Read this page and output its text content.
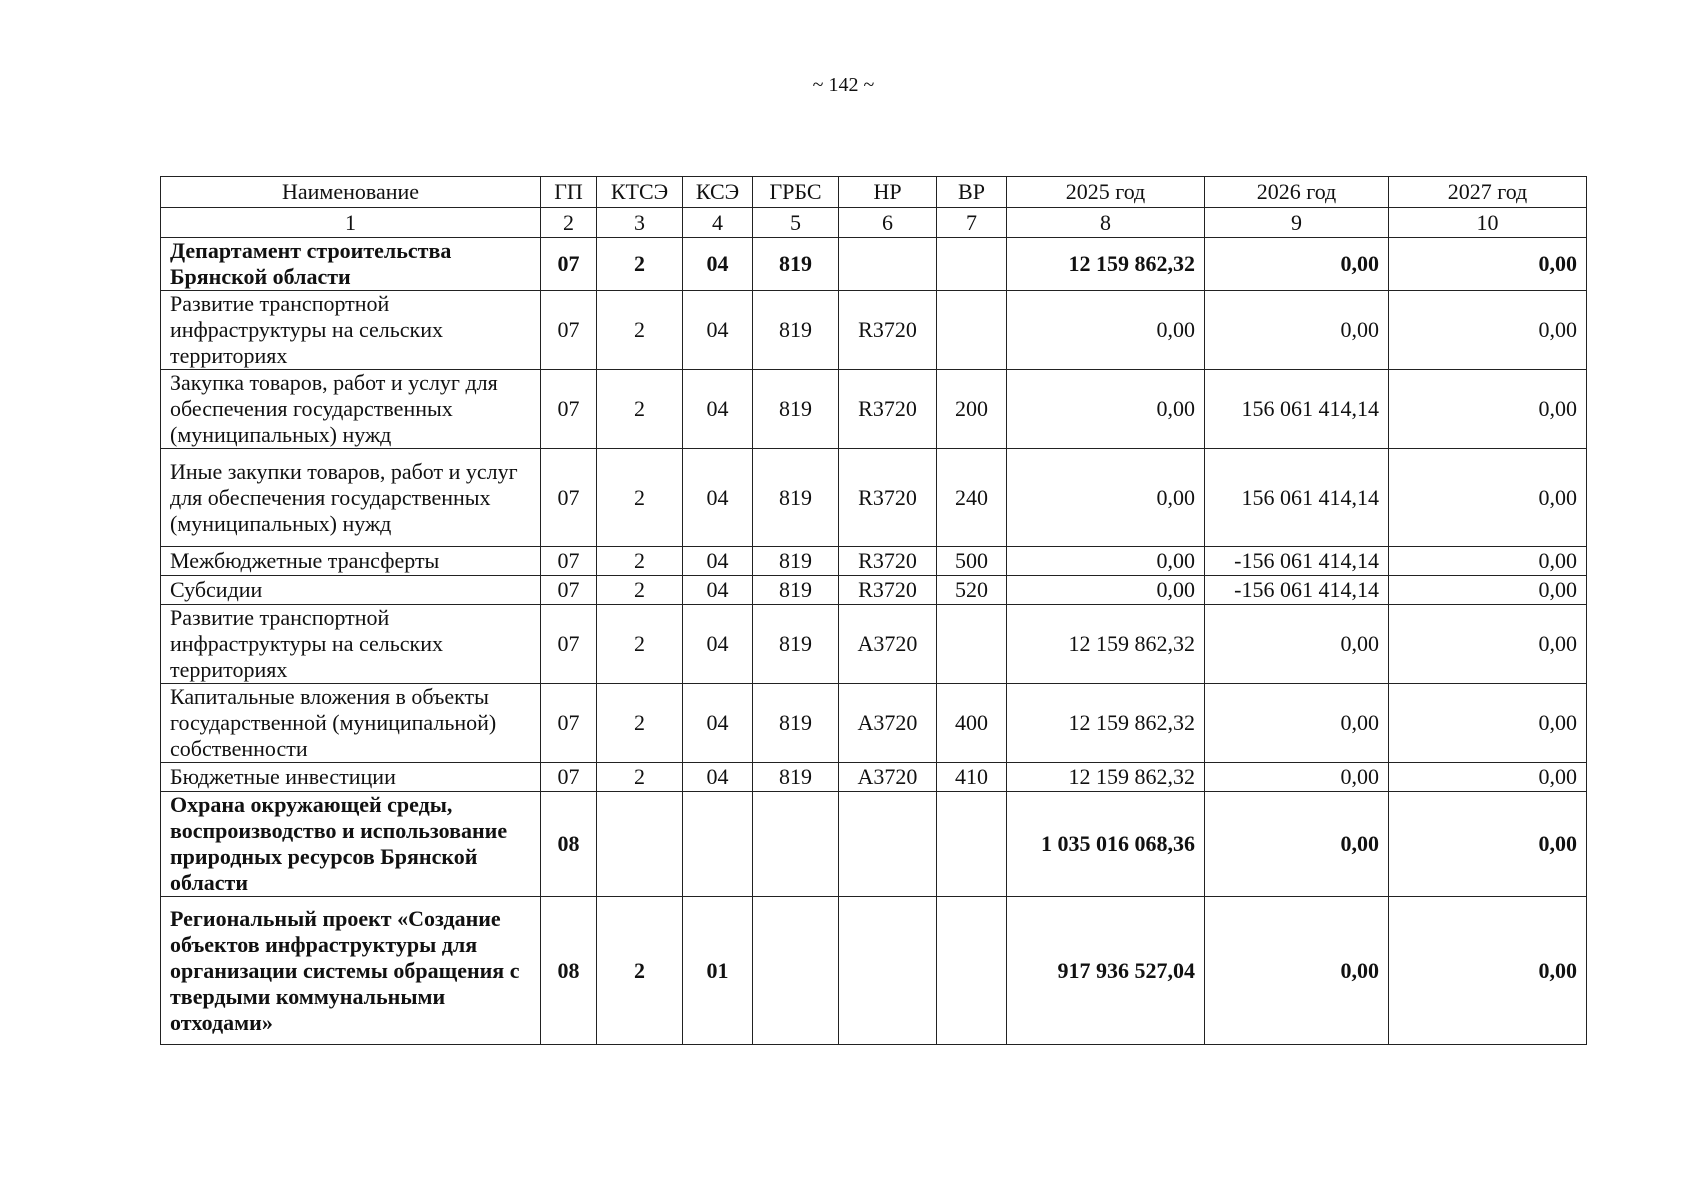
~ 142 ~
Наименование	ГП	КТСЭ	КСЭ	ГРБС	НР	ВР	2025 год	2026 год	2027 год
1	2	3	4	5	6	7	8	9	10
Департамент строительства Брянской области	07	2	04	819			12 159 862,32	0,00	0,00
Развитие транспортной инфраструктуры на сельских территориях	07	2	04	819	R3720		0,00	0,00	0,00
Закупка товаров, работ и услуг для обеспечения государственных (муниципальных) нужд	07	2	04	819	R3720	200	0,00	156 061 414,14	0,00
Иные закупки товаров, работ и услуг для обеспечения государственных (муниципальных) нужд	07	2	04	819	R3720	240	0,00	156 061 414,14	0,00
Межбюджетные трансферты	07	2	04	819	R3720	500	0,00	-156 061 414,14	0,00
Субсидии	07	2	04	819	R3720	520	0,00	-156 061 414,14	0,00
Развитие транспортной инфраструктуры на сельских территориях	07	2	04	819	А3720		12 159 862,32	0,00	0,00
Капитальные вложения в объекты государственной (муниципальной) собственности	07	2	04	819	А3720	400	12 159 862,32	0,00	0,00
Бюджетные инвестиции	07	2	04	819	А3720	410	12 159 862,32	0,00	0,00
Охрана окружающей среды, воспроизводство и использование природных ресурсов Брянской области	08						1 035 016 068,36	0,00	0,00
Региональный проект «Создание объектов инфраструктуры для организации системы обращения с твердыми коммунальными отходами»	08	2	01				917 936 527,04	0,00	0,00
